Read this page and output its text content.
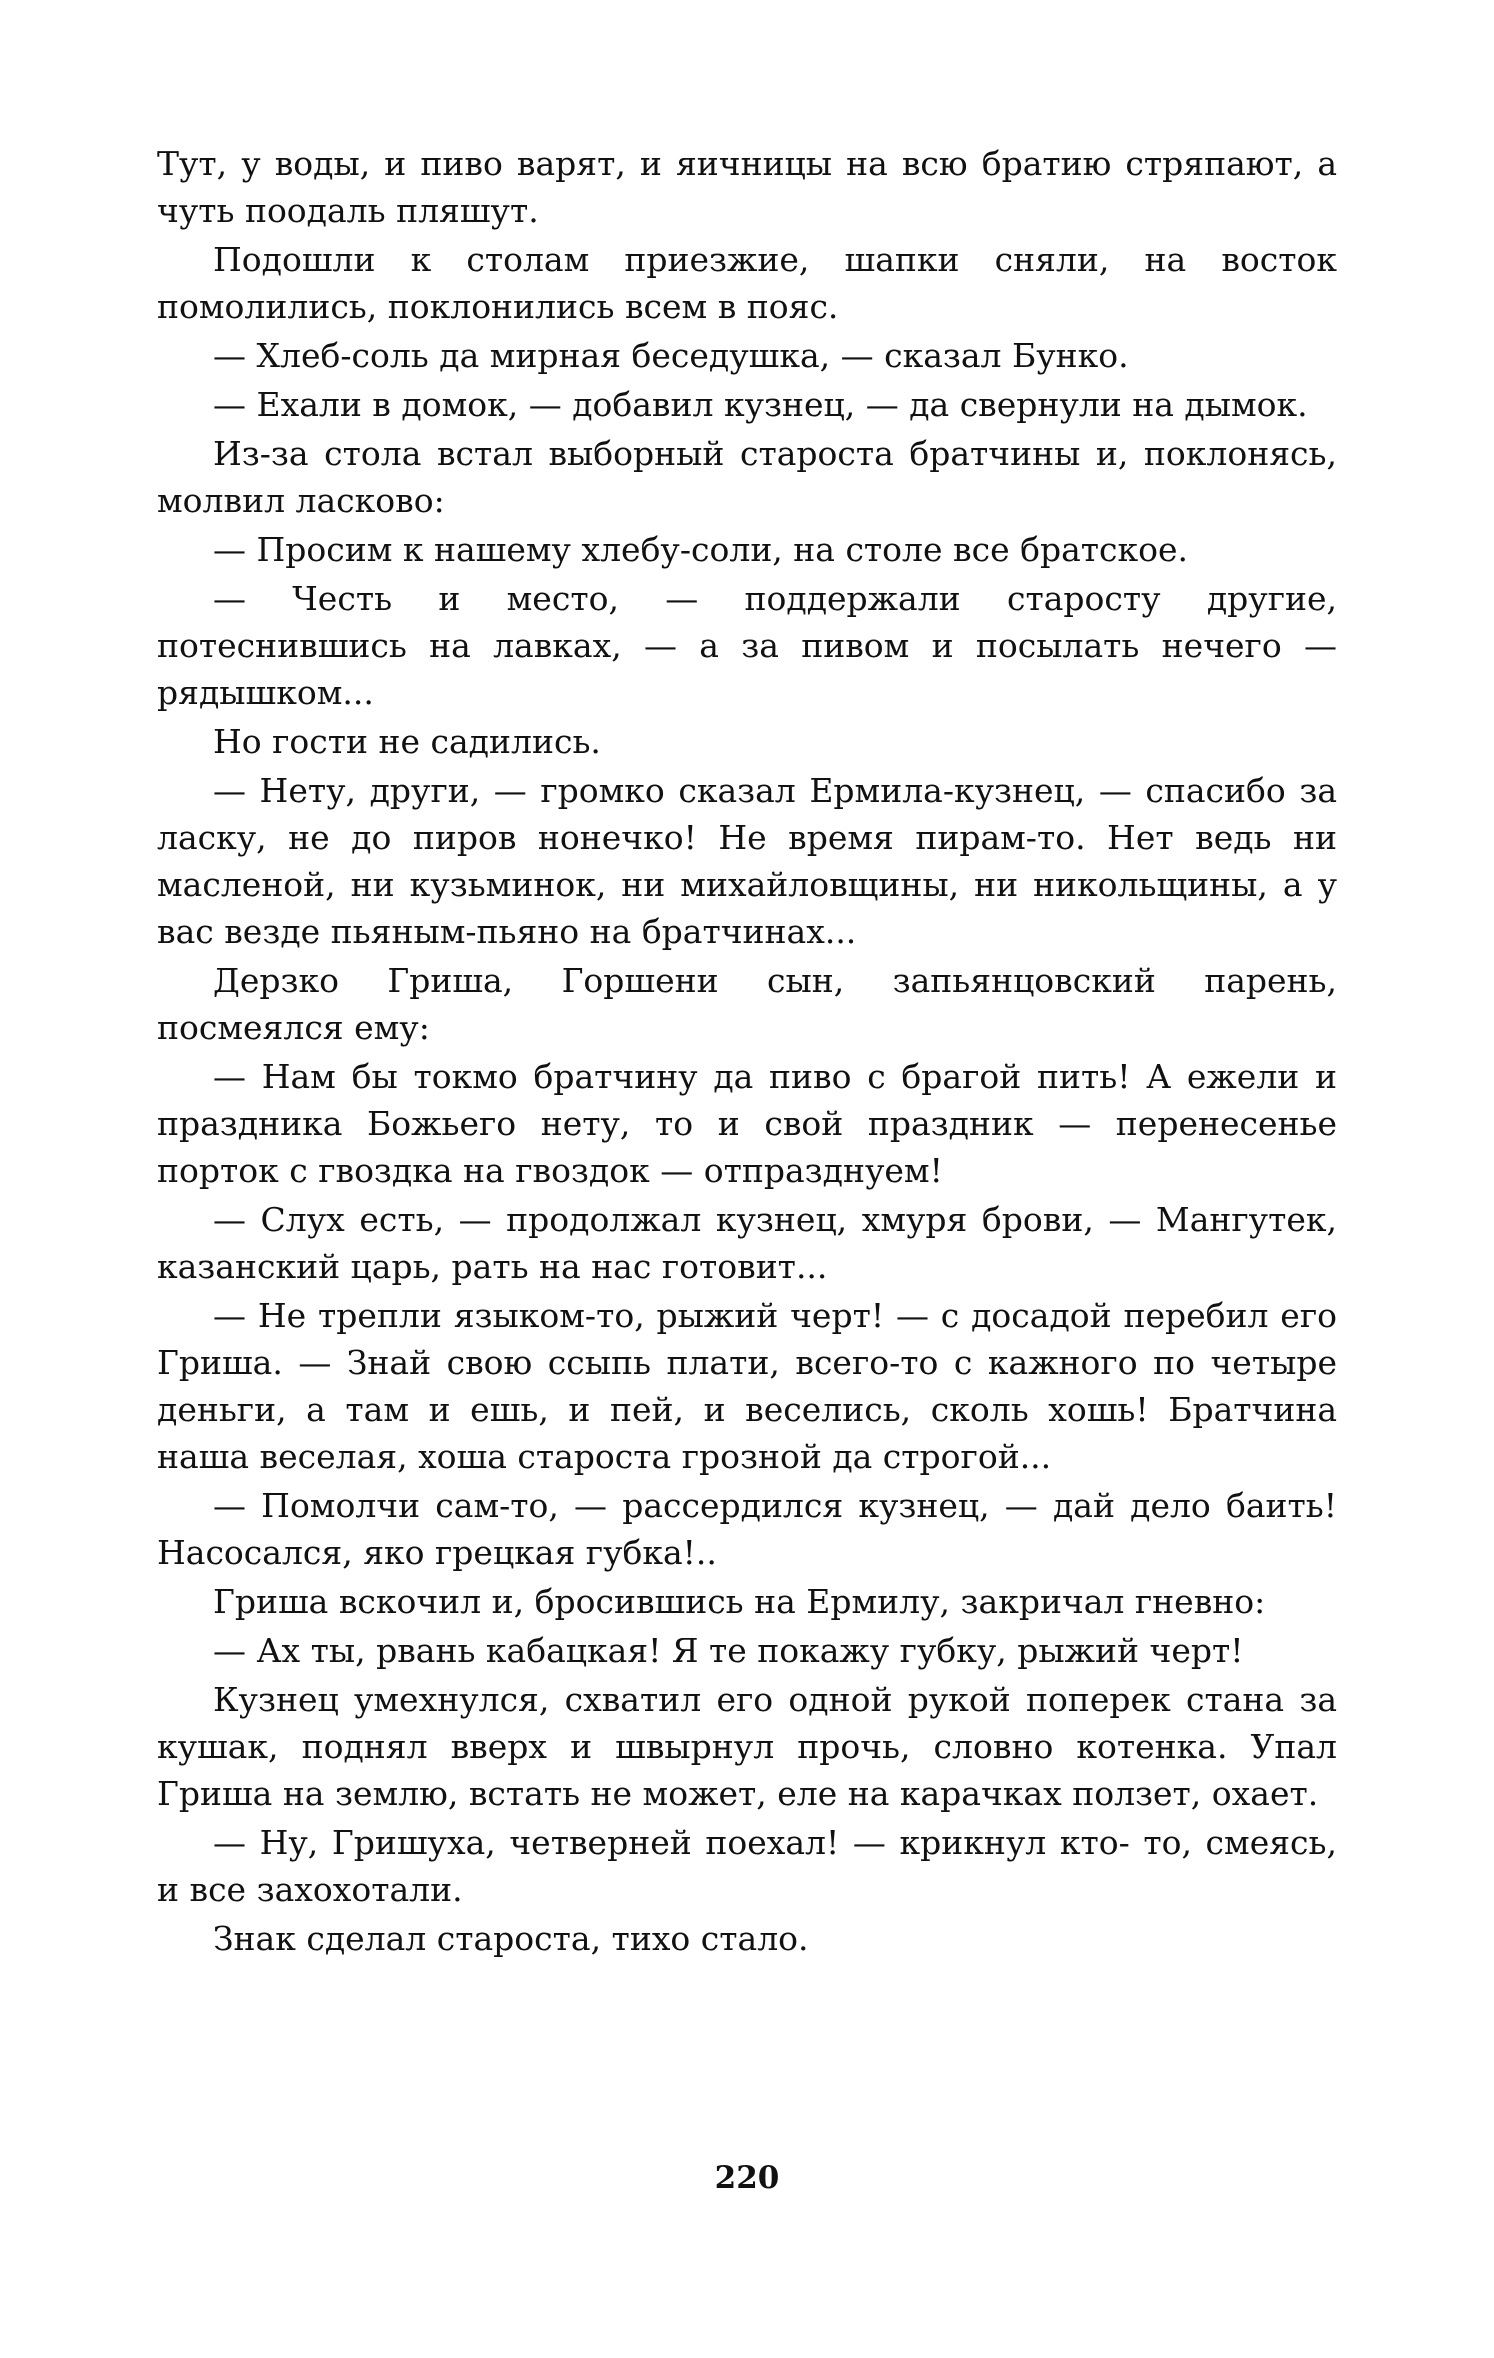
Тут, у воды, и пиво варят, и яичницы на всю братию стряпают, а чуть поодаль пляшут.

Подошли к столам приезжие, шапки сняли, на восток помолились, поклонились всем в пояс.

— Хлеб-соль да мирная беседушка, — сказал Бунко.

— Ехали в домок, — добавил кузнец, — да свернули на дымок.

Из-за стола встал выборный староста братчины и, поклонясь, молвил ласково:

— Просим к нашему хлебу-соли, на столе все братское.

— Честь и место, — поддержали старосту другие, потеснившись на лавках, — а за пивом и посылать нечего — рядышком...

Но гости не садились.

— Нету, други, — громко сказал Ермила-кузнец, — спасибо за ласку, не до пиров нонечко! Не время пирам-то. Нет ведь ни масленой, ни кузьминок, ни михайловщины, ни никольщины, а у вас везде пьяным-пьяно на братчинах...

Дерзко Гриша, Горшени сын, запьянцовский парень, посмеялся ему:

— Нам бы токмо братчину да пиво с брагой пить! А ежели и праздника Божьего нету, то и свой праздник — перенесенье порток с гвоздка на гвоздок — отпразднуем!

— Слух есть, — продолжал кузнец, хмуря брови, — Мангутек, казанский царь, рать на нас готовит...

— Не трепли языком-то, рыжий черт! — с досадой перебил его Гриша. — Знай свою ссыпь плати, всего-то с кажного по четыре деньги, а там и ешь, и пей, и веселись, сколь хошь! Братчина наша веселая, хоша староста грозной да строгой...

— Помолчи сам-то, — рассердился кузнец, — дай дело баить! Насосался, яко грецкая губка!..

Гриша вскочил и, бросившись на Ермилу, закричал гневно:

— Ах ты, рвань кабацкая! Я те покажу губку, рыжий черт!

Кузнец умехнулся, схватил его одной рукой поперек стана за кушак, поднял вверх и швырнул прочь, словно котенка. Упал Гриша на землю, встать не может, еле на карачках ползет, охает.

— Ну, Гришуха, четверней поехал! — крикнул кто- то, смеясь, и все захохотали.

Знак сделал староста, тихо стало.

220
